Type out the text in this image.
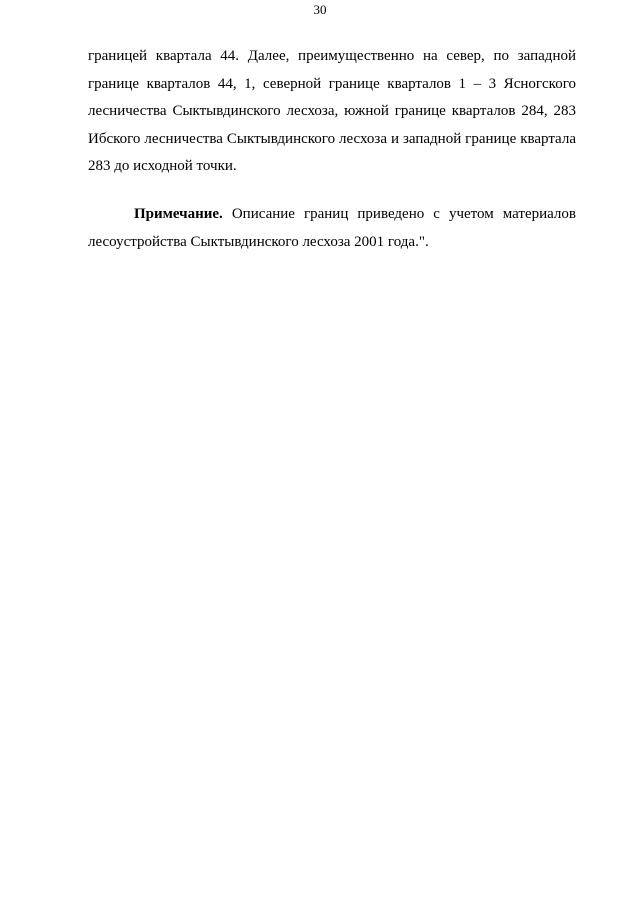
30

границей квартала 44. Далее, преимущественно на север, по западной границе кварталов 44, 1, северной границе кварталов 1 – 3 Ясногского лесничества Сыктывдинского лесхоза, южной границе кварталов 284, 283 Ибского лесничества Сыктывдинского лесхоза и западной границе квартала 283 до исходной точки.

Примечание. Описание границ приведено с учетом материалов лесоустройства Сыктывдинского лесхоза 2001 года.".
